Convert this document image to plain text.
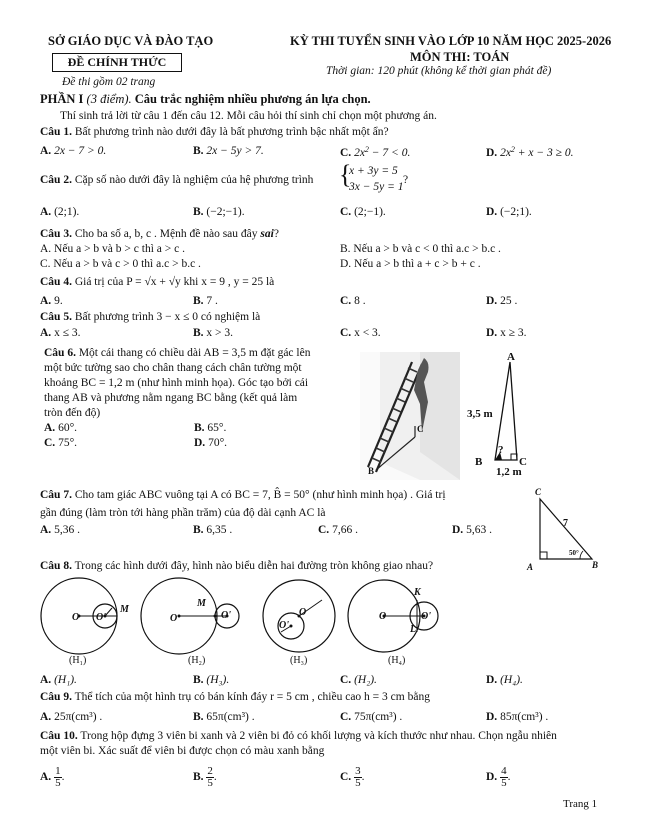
SỞ GIÁO DỤC VÀ ĐÀO TẠO
ĐỀ CHÍNH THỨC
Đề thi gồm 02 trang
KỲ THI TUYỂN SINH VÀO LỚP 10 NĂM HỌC 2025-2026
MÔN THI: TOÁN
Thời gian: 120 phút (không kể thời gian phát đề)
PHẦN I (3 điểm). Câu trắc nghiệm nhiều phương án lựa chọn.
Thí sinh trả lời từ câu 1 đến câu 12. Mỗi câu hỏi thí sinh chỉ chọn một phương án.
Câu 1. Bất phương trình nào dưới đây là bất phương trình bậc nhất một ẩn?
A. 2x − 7 > 0.	B. 2x − 5y > 7.	C. $2x^2 - 7 < 0$.	D. $2x^2 + x - 3 \ge 0$.
Câu 2. Cặp số nào dưới đây là nghiệm của hệ phương trình {
x + 3y = 5
3x − 5y = 1
?
A. (2;1).	B. (−2;−1).	C. (2;−1).	D. (−2;1).
Câu 3. Cho ba số a, b, c . Mệnh đề nào sau đây sai?
A. Nếu a > b và b > c thì a > c .	B. Nếu a > b và c < 0 thì a.c > b.c .
C. Nếu a > b và c > 0 thì a.c > b.c .	D. Nếu a > b thì a + c > b + c .
Câu 4. Giá trị của P = √x + √y khi x = 9 , y = 25 là
A. 9.	B. 7 .	C. 8 .	D. 25 .
Câu 5. Bất phương trình 3 − x ≤ 0 có nghiệm là
A. x ≤ 3.	B. x > 3.	C. x < 3.	D. x ≥ 3.
Câu 6. Một cái thang có chiều dài AB = 3,5 m đặt gác lên
một bức tường sao cho chân thang cách chân tường một
khoảng BC = 1,2 m (như hình minh họa). Góc tạo bởi cái
thang AB và phương nằm ngang BC bằng (kết quả làm
tròn đến độ)
A. 60°.	B. 65°.
C. 75°.	D. 70°.
B
C
A
B	C
3,5 m
1,2 m
?
Câu 7. Cho tam giác ABC vuông tại A có BC = 7, B̂ = 50° (như hình minh họa) . Giá trị
gần đúng (làm tròn tới hàng phần trăm) của độ dài cạnh AC là
A. 5,36 .	B. 6,35 .	C. 7,66 .	D. 5,63 .
C
A	B
7
50°
Câu 8. Trong các hình dưới đây, hình nào biểu diễn hai đường tròn không giao nhau?
O O'
M
(H₁)
O
M
O'
(H₂)
O
O'
(H₃)
O
K
O'
L
(H₄)
A. (H₁).	B. (H₃).	C. (H₂).	D. (H₄).
Câu 9. Thể tích của một hình trụ có bán kính đáy r = 5 cm , chiều cao h = 3 cm bằng
A. 25π(cm³) .	B. 65π(cm³) .	C. 75π(cm³) .	D. 85π(cm³) .
Câu 10. Trong hộp đựng 3 viên bi xanh và 2 viên bi đỏ có khối lượng và kích thước như nhau. Chọn ngẫu nhiên
một viên bi. Xác suất để viên bi được chọn có màu xanh bằng
A. $\frac{1}{5}$ .	B. $\frac{2}{5}$ .	C. $\frac{3}{5}$ .	D. $\frac{4}{5}$ .
Trang 1
